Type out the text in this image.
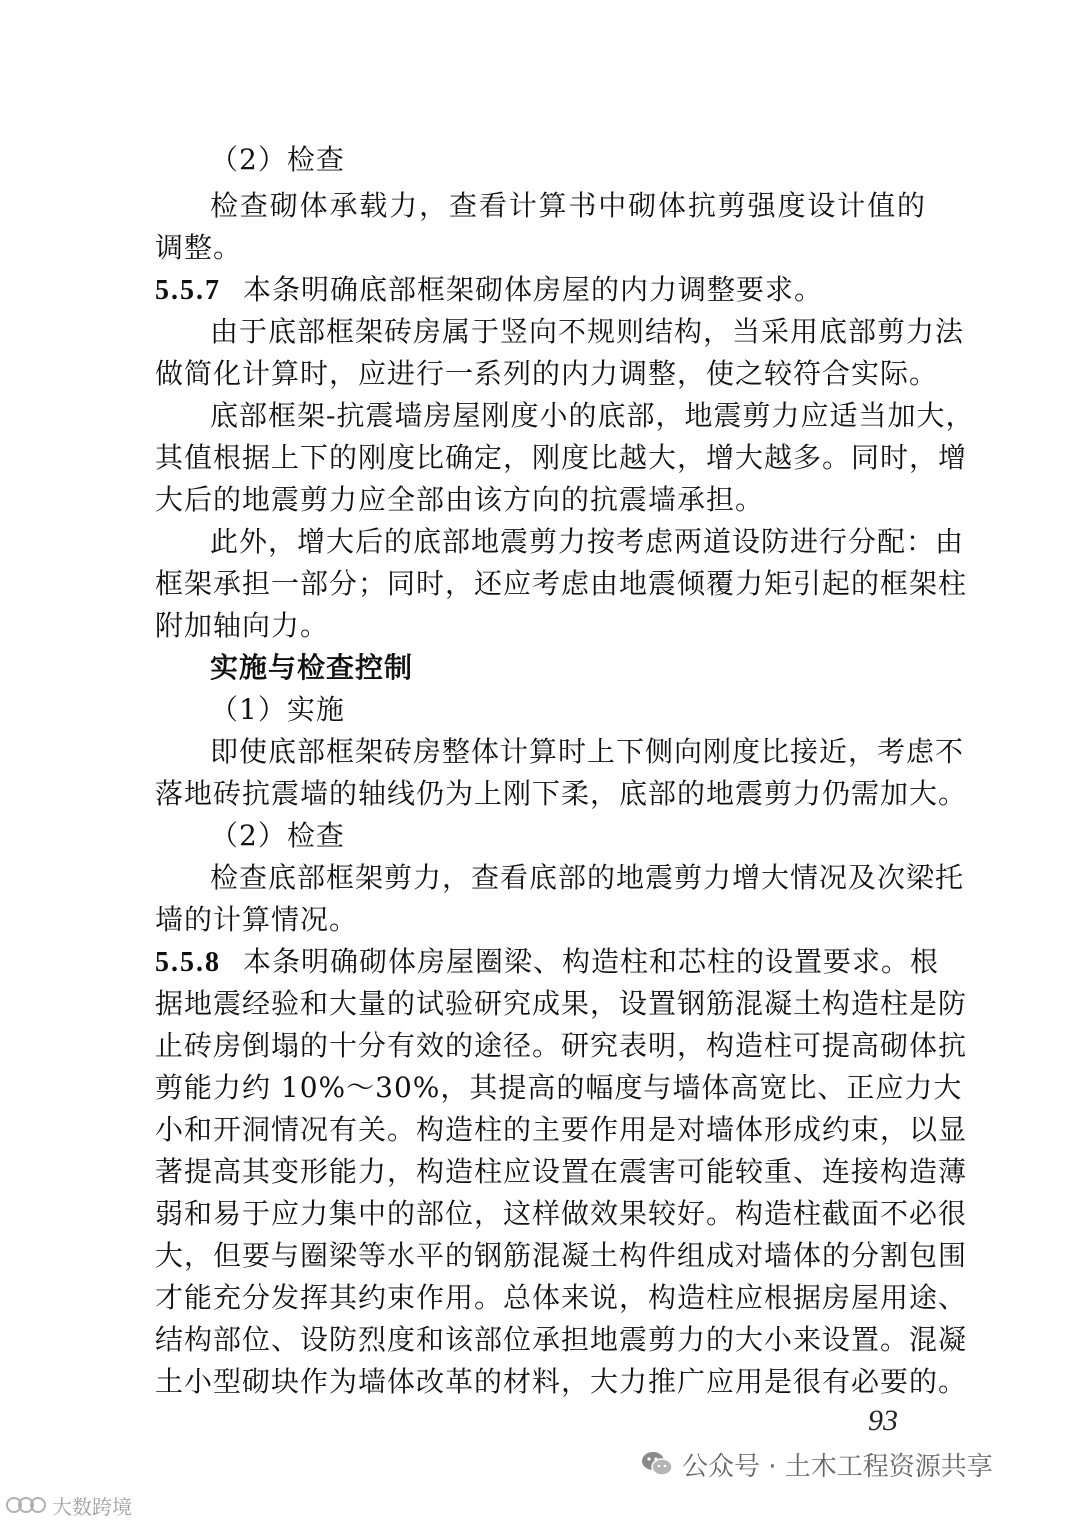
（2）检查
检查砌体承载力，查看计算书中砌体抗剪强度设计值的
调整。
5.5.7 本条明确底部框架砌体房屋的内力调整要求。
由于底部框架砖房属于竖向不规则结构，当采用底部剪力法
做简化计算时，应进行一系列的内力调整，使之较符合实际。
底部框架-抗震墙房屋刚度小的底部，地震剪力应适当加大，
其值根据上下的刚度比确定，刚度比越大，增大越多。同时，增
大后的地震剪力应全部由该方向的抗震墙承担。
此外，增大后的底部地震剪力按考虑两道设防进行分配：由
框架承担一部分；同时，还应考虑由地震倾覆力矩引起的框架柱
附加轴向力。
实施与检查控制
（1）实施
即使底部框架砖房整体计算时上下侧向刚度比接近，考虑不
落地砖抗震墙的轴线仍为上刚下柔，底部的地震剪力仍需加大。
（2）检查
检查底部框架剪力，查看底部的地震剪力增大情况及次梁托
墙的计算情况。
5.5.8 本条明确砌体房屋圈梁、构造柱和芯柱的设置要求。根
据地震经验和大量的试验研究成果，设置钢筋混凝土构造柱是防
止砖房倒塌的十分有效的途径。研究表明，构造柱可提高砌体抗
剪能力约 10%～30%，其提高的幅度与墙体高宽比、正应力大
小和开洞情况有关。构造柱的主要作用是对墙体形成约束，以显
著提高其变形能力，构造柱应设置在震害可能较重、连接构造薄
弱和易于应力集中的部位，这样做效果较好。构造柱截面不必很
大，但要与圈梁等水平的钢筋混凝土构件组成对墙体的分割包围
才能充分发挥其约束作用。总体来说，构造柱应根据房屋用途、
结构部位、设防烈度和该部位承担地震剪力的大小来设置。混凝
土小型砌块作为墙体改革的材料，大力推广应用是很有必要的。
93
公众号 · 土木工程资源共享
大数跨境
